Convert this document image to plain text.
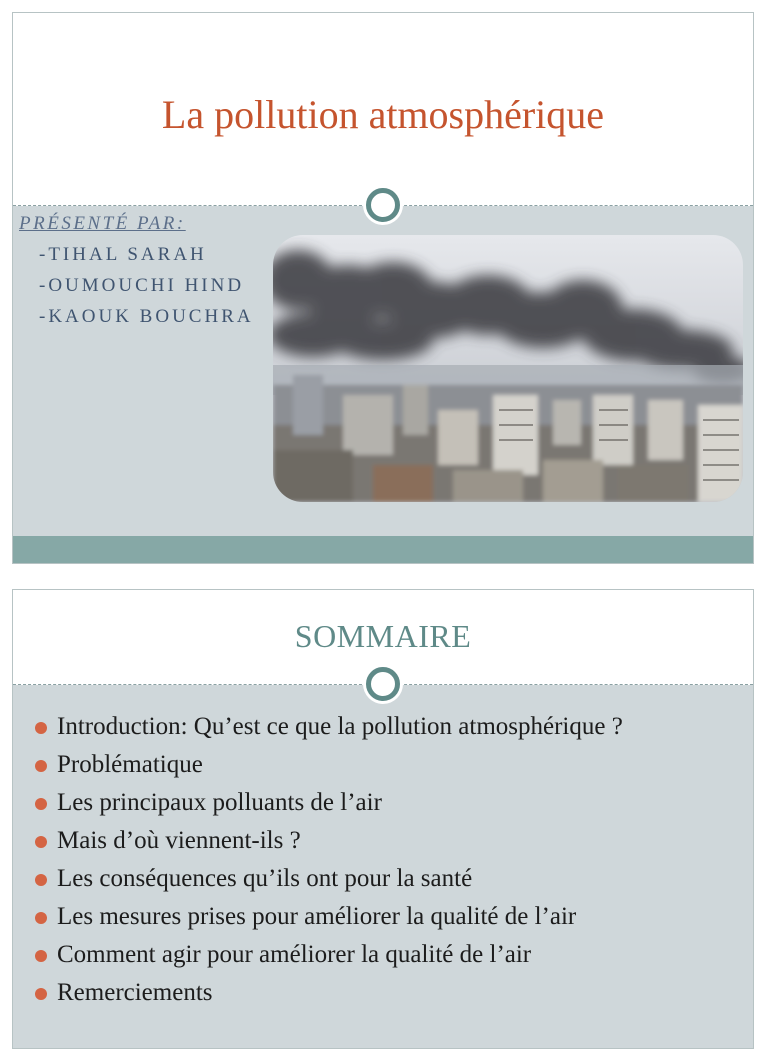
La pollution atmosphérique
PRÉSENTÉ PAR:
-TIHAL SARAH
-OUMOUCHI HIND
-KAOUK BOUCHRA
SOMMAIRE
Introduction: Qu’est ce que la pollution atmosphérique ?
Problématique
Les principaux polluants de l’air
Mais d’où viennent-ils ?
Les conséquences qu’ils ont pour la santé
Les mesures prises pour améliorer la qualité de l’air
Comment agir pour améliorer la qualité de l’air
Remerciements
